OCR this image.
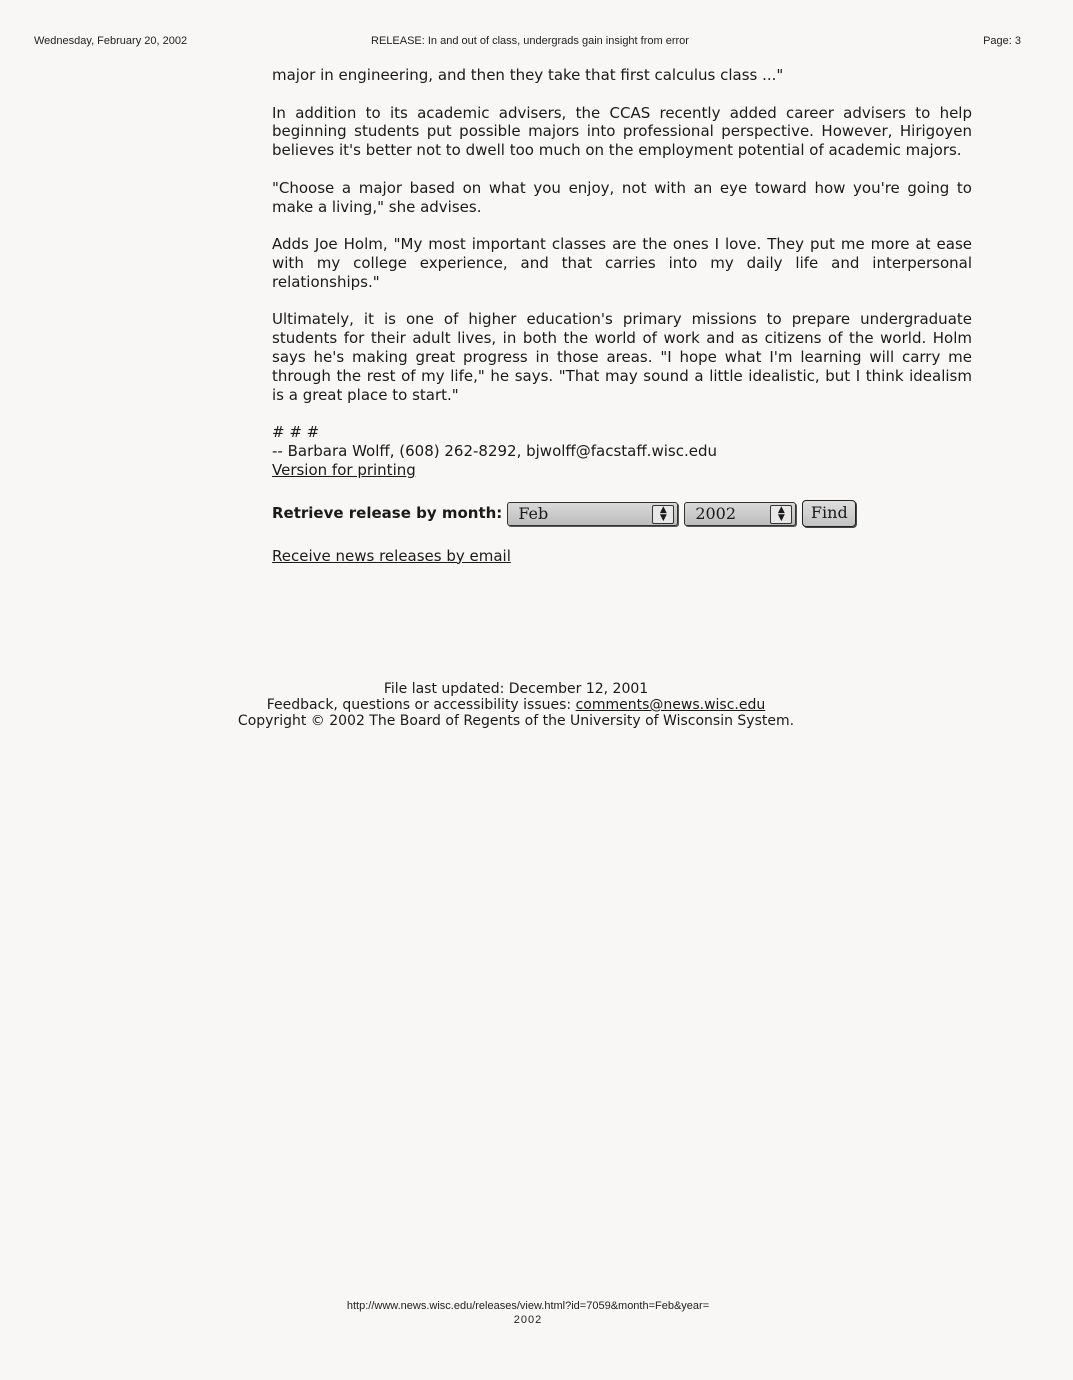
Wednesday, February 20, 2002	RELEASE: In and out of class, undergrads gain insight from error	Page: 3

major in engineering, and then they take that first calculus class ..."

In addition to its academic advisers, the CCAS recently added career advisers to help beginning students put possible majors into professional perspective. However, Hirigoyen believes it's better not to dwell too much on the employment potential of academic majors.

"Choose a major based on what you enjoy, not with an eye toward how you're going to make a living," she advises.

Adds Joe Holm, "My most important classes are the ones I love. They put me more at ease with my college experience, and that carries into my daily life and interpersonal relationships."

Ultimately, it is one of higher education's primary missions to prepare undergraduate students for their adult lives, in both the world of work and as citizens of the world. Holm says he's making great progress in those areas. "I hope what I'm learning will carry me through the rest of my life," he says. "That may sound a little idealistic, but I think idealism is a great place to start."

# # #

-- Barbara Wolff, (608) 262-8292, bjwolff@facstaff.wisc.edu

Version for printing

Retrieve release by month:	Feb	▲
▼	2002	▲
▼	Find
Receive news releases by email
File last updated: December 12, 2001
Feedback, questions or accessibility issues: comments@news.wisc.edu
Copyright © 2002 The Board of Regents of the University of Wisconsin System.
http://www.news.wisc.edu/releases/view.html?id=7059&month=Feb&year=
2002
